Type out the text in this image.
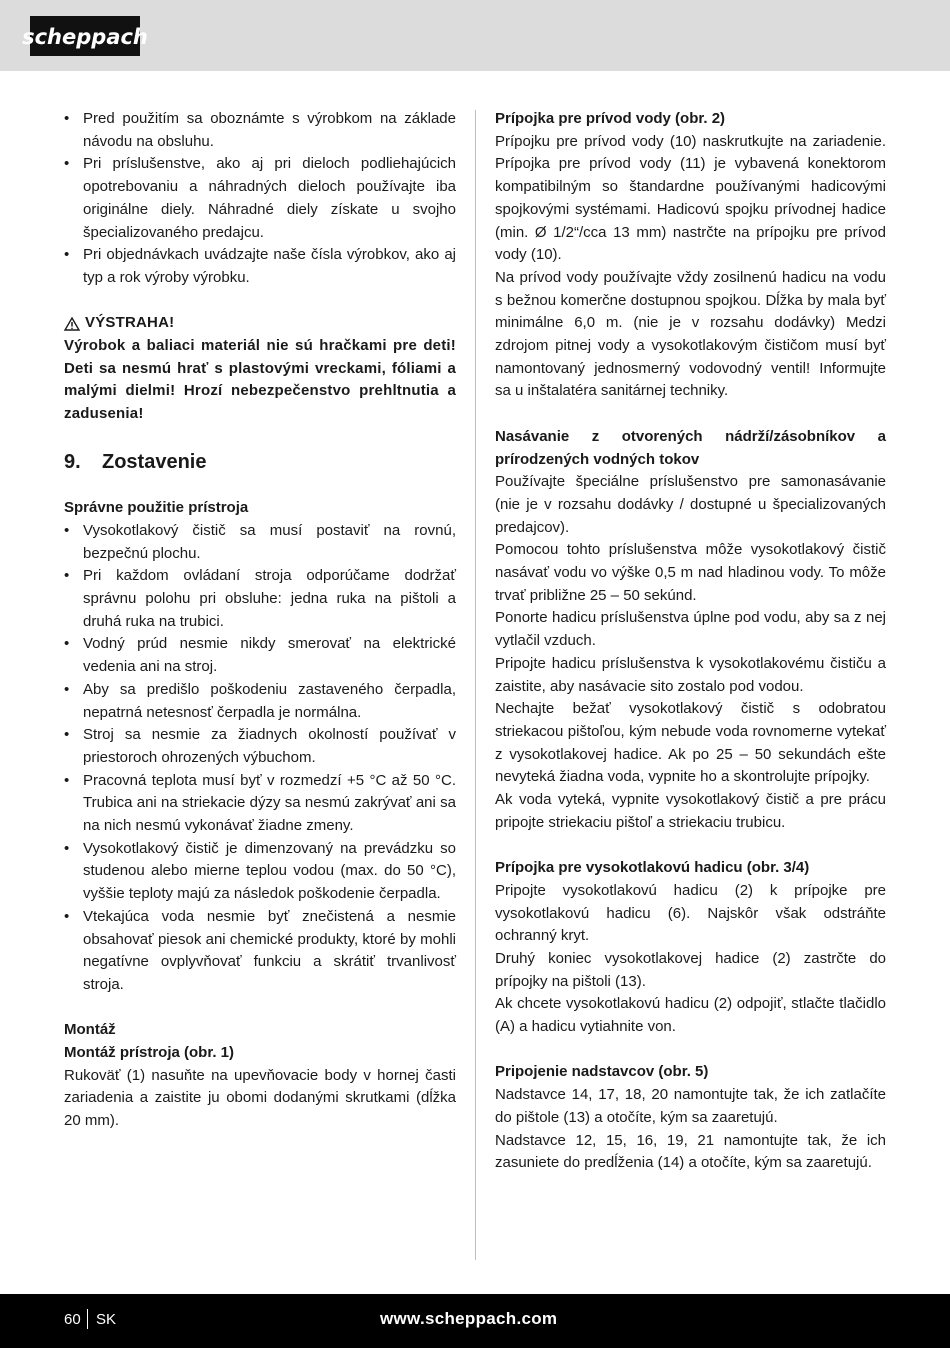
scheppach
• Pred použitím sa oboznámte s výrobkom na základe návodu na obsluhu.
• Pri príslušenstve, ako aj pri dieloch podliehajúcich opotrebovaniu a náhradných dieloch používajte iba originálne diely. Náhradné diely získate u svojho špecializovaného predajcu.
• Pri objednávkach uvádzajte naše čísla výrobkov, ako aj typ a rok výroby výrobku.
VÝSTRAHA!

Výrobok a baliaci materiál nie sú hračkami pre deti! Deti sa nesmú hrať s plastovými vreckami, fóliami a malými dielmi! Hrozí nebezpečenstvo prehltnutia a zadusenia!

9.	Zostavenie

Správne použitie prístroja

• Vysokotlakový čistič sa musí postaviť na rovnú, bezpečnú plochu.
• Pri každom ovládaní stroja odporúčame dodržať správnu polohu pri obsluhe: jedna ruka na pištoli a druhá ruka na trubici.
• Vodný prúd nesmie nikdy smerovať na elektrické vedenia ani na stroj.
• Aby sa predišlo poškodeniu zastaveného čerpadla, nepatrná netesnosť čerpadla je normálna.
• Stroj sa nesmie za žiadnych okolností používať v priestoroch ohrozených výbuchom.
• Pracovná teplota musí byť v rozmedzí +5 °C až 50 °C. Trubica ani na striekacie dýzy sa nesmú zakrývať ani sa na nich nesmú vykonávať žiadne zmeny.
• Vysokotlakový čistič je dimenzovaný na prevádzku so studenou alebo mierne teplou vodou (max. do 50 °C), vyššie teploty majú za následok poškodenie čerpadla.
• Vtekajúca voda nesmie byť znečistená a nesmie obsahovať piesok ani chemické produkty, ktoré by mohli negatívne ovplyvňovať funkciu a skrátiť trvanlivosť stroja.

Montáž

Montáž prístroja (obr. 1)

Rukoväť (1) nasuňte na upevňovacie body v hornej časti zariadenia a zaistite ju obomi dodanými skrutkami (dĺžka 20 mm).

Prípojka pre prívod vody (obr. 2)

Prípojku pre prívod vody (10) naskrutkujte na zariadenie. Prípojka pre prívod vody (11) je vybavená konektorom kompatibilným so štandardne používanými hadicovými spojkovými systémami. Hadicovú spojku prívodnej hadice (min. Ø 1/2“/cca 13 mm) nastrčte na prípojku pre prívod vody (10).

Na prívod vody používajte vždy zosilnenú hadicu na vodu s bežnou komerčne dostupnou spojkou. Dĺžka by mala byť minimálne 6,0 m. (nie je v rozsahu dodávky) Medzi zdrojom pitnej vody a vysokotlakovým čističom musí byť namontovaný jednosmerný vodovodný ventil! Informujte sa u inštalatéra sanitárnej techniky.

Nasávanie z otvorených nádrží/zásobníkov a prírodzených vodných tokov

Používajte špeciálne príslušenstvo pre samonasávanie (nie je v rozsahu dodávky / dostupné u špecializovaných predajcov).

Pomocou tohto príslušenstva môže vysokotlakový čistič nasávať vodu vo výške 0,5 m nad hladinou vody. To môže trvať približne 25 – 50 sekúnd.

Ponorte hadicu príslušenstva úplne pod vodu, aby sa z nej vytlačil vzduch.

Pripojte hadicu príslušenstva k vysokotlakovému čističu a zaistite, aby nasávacie sito zostalo pod vodou.

Nechajte bežať vysokotlakový čistič s odobratou striekacou pištoľou, kým nebude voda rovnomerne vytekať z vysokotlakovej hadice. Ak po 25 – 50 sekundách ešte nevyteká žiadna voda, vypnite ho a skontrolujte prípojky.

Ak voda vyteká, vypnite vysokotlakový čistič a pre prácu pripojte striekaciu pištoľ a striekaciu trubicu.

Prípojka pre vysokotlakovú hadicu (obr. 3/4)

Pripojte vysokotlakovú hadicu (2) k prípojke pre vysokotlakovú hadicu (6). Najskôr však odstráňte ochranný kryt.

Druhý koniec vysokotlakovej hadice (2) zastrčte do prípojky na pištoli (13).

Ak chcete vysokotlakovú hadicu (2) odpojiť, stlačte tlačidlo (A) a hadicu vytiahnite von.

Pripojenie nadstavcov (obr. 5)

Nadstavce 14, 17, 18, 20 namontujte tak, že ich zatlačíte do pištole (13) a otočíte, kým sa zaaretujú.

Nadstavce 12, 15, 16, 19, 21 namontujte tak, že ich zasuniete do predĺženia (14) a otočíte, kým sa zaaretujú.

60 SK	www.scheppach.com
